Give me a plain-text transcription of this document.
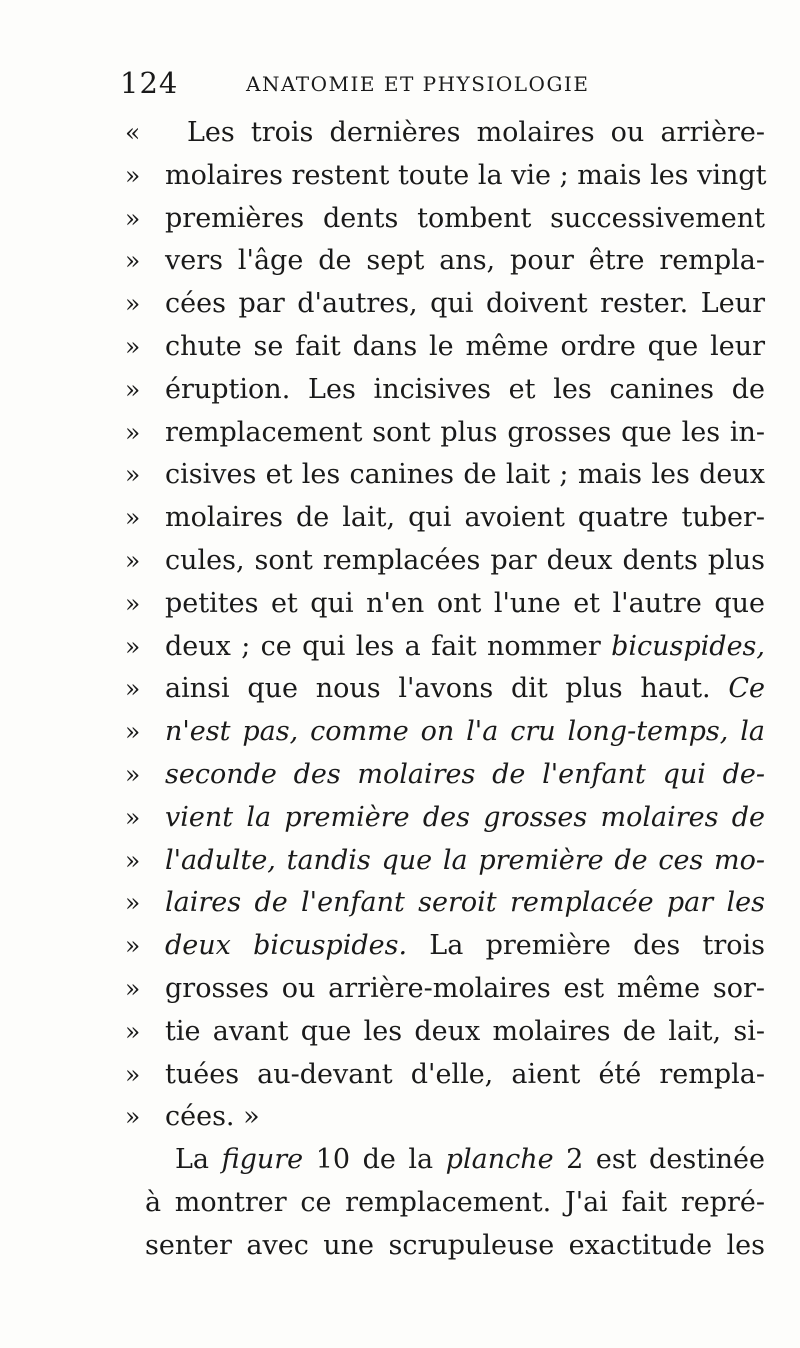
124	ANATOMIE ET PHYSIOLOGIE
«	Les trois dernières molaires ou arrière-
» molaires restent toute la vie ; mais les vingt
» premières dents tombent successivement
» vers l'âge de sept ans, pour être rempla-
» cées par d'autres, qui doivent rester. Leur
» chute se fait dans le même ordre que leur
» éruption. Les incisives et les canines de
» remplacement sont plus grosses que les in-
» cisives et les canines de lait ; mais les deux
» molaires de lait, qui avoient quatre tuber-
» cules, sont remplacées par deux dents plus
» petites et qui n'en ont l'une et l'autre que
» deux ; ce qui les a fait nommer bicuspides,
» ainsi que nous l'avons dit plus haut. Ce
» n'est pas, comme on l'a cru long-temps, la
» seconde des molaires de l'enfant qui de-
» vient la première des grosses molaires de
» l'adulte, tandis que la première de ces mo-
» laires de l'enfant seroit remplacée par les
» deux bicuspides. La première des trois
» grosses ou arrière-molaires est même sor-
» tie avant que les deux molaires de lait, si-
» tuées au-devant d'elle, aient été rempla-
» cées. »
La figure 10 de la planche 2 est destinée
à montrer ce remplacement. J'ai fait repré-
senter avec une scrupuleuse exactitude les
